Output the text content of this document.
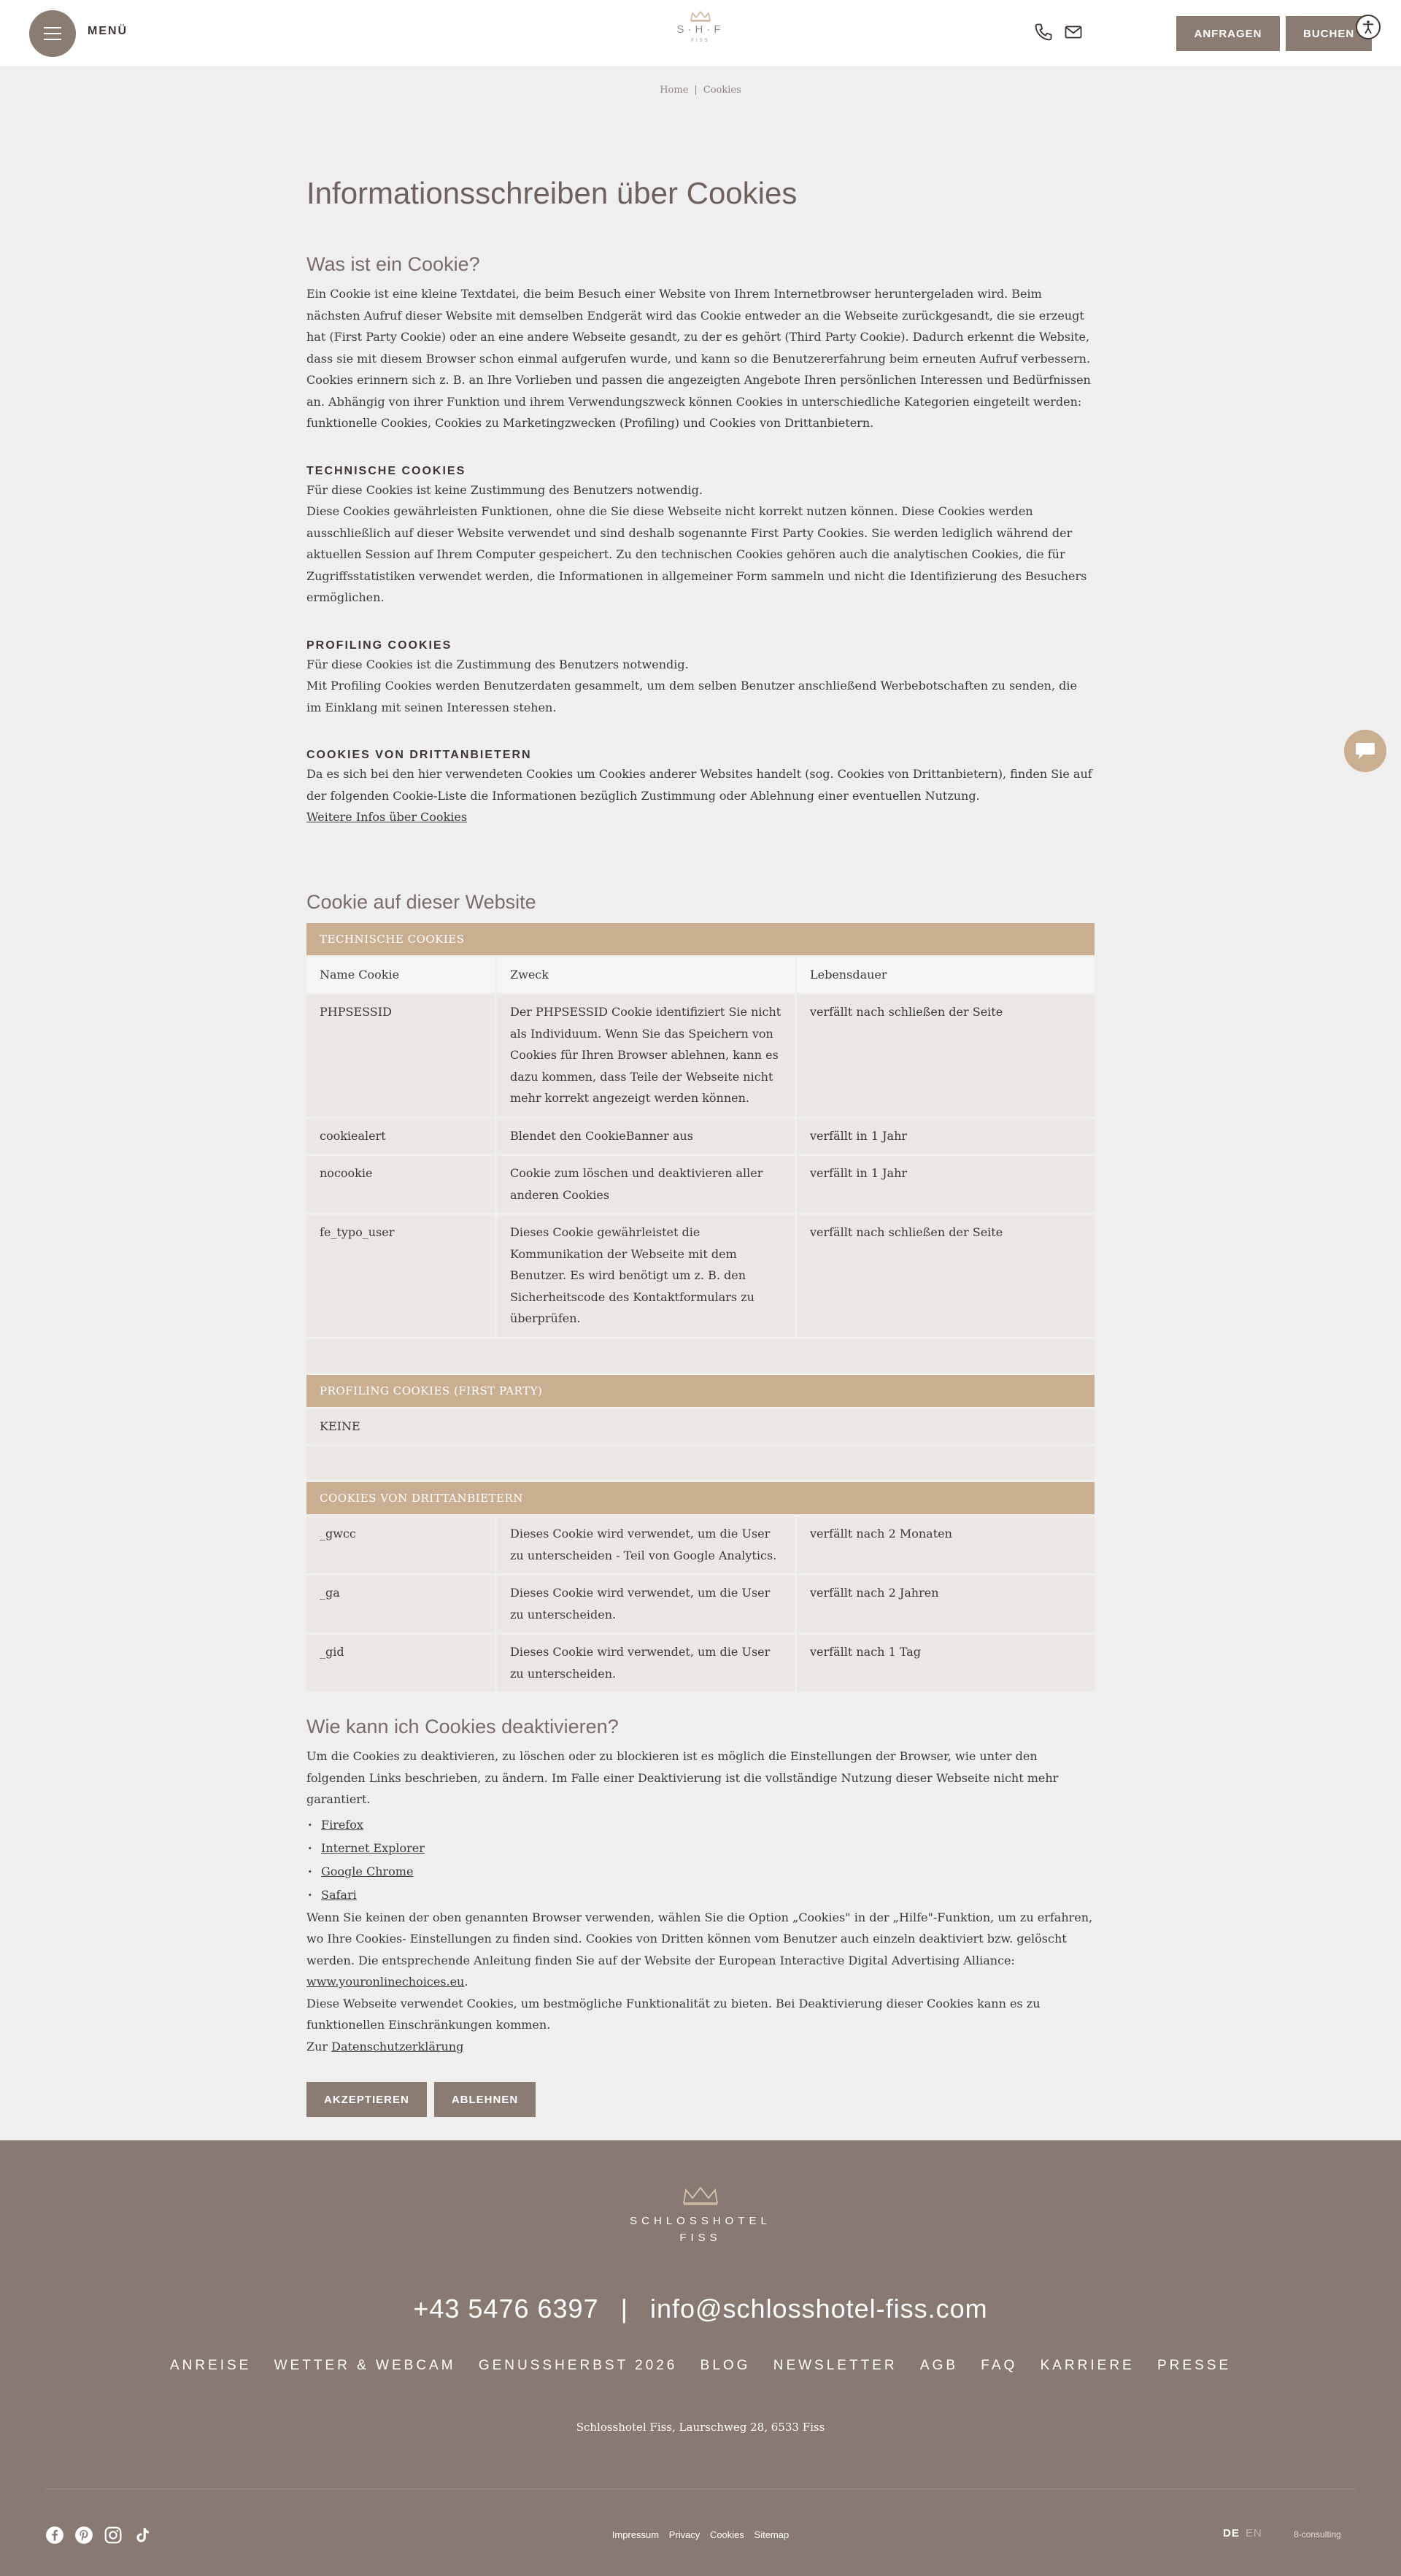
MENÜ	S·H·F
FISS
ANFRAGEN	BUCHEN
Home | Cookies
Informationsschreiben über Cookies
Was ist ein Cookie?

Ein Cookie ist eine kleine Textdatei, die beim Besuch einer Website von Ihrem Internetbrowser heruntergeladen wird. Beim nächsten Aufruf dieser Website mit demselben Endgerät wird das Cookie entweder an die Webseite zurückgesandt, die sie erzeugt hat (First Party Cookie) oder an eine andere Webseite gesandt, zu der es gehört (Third Party Cookie). Dadurch erkennt die Website, dass sie mit diesem Browser schon einmal aufgerufen wurde, und kann so die Benutzererfahrung beim erneuten Aufruf verbessern. Cookies erinnern sich z. B. an Ihre Vorlieben und passen die angezeigten Angebote Ihren persönlichen Interessen und Bedürfnissen an. Abhängig von ihrer Funktion und ihrem Verwendungszweck können Cookies in unterschiedliche Kategorien eingeteilt werden: funktionelle Cookies, Cookies zu Marketingzwecken (Profiling) und Cookies von Drittanbietern.

TECHNISCHE COOKIES

Für diese Cookies ist keine Zustimmung des Benutzers notwendig.

Diese Cookies gewährleisten Funktionen, ohne die Sie diese Webseite nicht korrekt nutzen können. Diese Cookies werden ausschließlich auf dieser Website verwendet und sind deshalb sogenannte First Party Cookies. Sie werden lediglich während der aktuellen Session auf Ihrem Computer gespeichert. Zu den technischen Cookies gehören auch die analytischen Cookies, die für Zugriffsstatistiken verwendet werden, die Informationen in allgemeiner Form sammeln und nicht die Identifizierung des Besuchers ermöglichen.

PROFILING COOKIES

Für diese Cookies ist die Zustimmung des Benutzers notwendig.

Mit Profiling Cookies werden Benutzerdaten gesammelt, um dem selben Benutzer anschließend Werbebotschaften zu senden, die im Einklang mit seinen Interessen stehen.

COOKIES VON DRITTANBIETERN

Da es sich bei den hier verwendeten Cookies um Cookies anderer Websites handelt (sog. Cookies von Drittanbietern), finden Sie auf der folgenden Cookie-Liste die Informationen bezüglich Zustimmung oder Ablehnung einer eventuellen Nutzung.

Weitere Infos über Cookies

Cookie auf dieser Website
TECHNISCHE COOKIES		
Name Cookie	Zweck	Lebensdauer
PHPSESSID	Der PHPSESSID Cookie identifiziert Sie nicht als Individuum. Wenn Sie das Speichern von Cookies für Ihren Browser ablehnen, kann es dazu kommen, dass Teile der Webseite nicht mehr korrekt angezeigt werden können.	verfällt nach schließen der Seite
cookiealert	Blendet den CookieBanner aus	verfällt in 1 Jahr
nocookie	Cookie zum löschen und deaktivieren aller anderen Cookies	verfällt in 1 Jahr
fe_typo_user	Dieses Cookie gewährleistet die Kommunikation der Webseite mit dem Benutzer. Es wird benötigt um z. B. den Sicherheitscode des Kontaktformulars zu überprüfen.	verfällt nach schließen der Seite

PROFILING COOKIES (FIRST PARTY)		
KEINE		

COOKIES VON DRITTANBIETERN		
_gwcc	Dieses Cookie wird verwendet, um die User zu unterscheiden - Teil von Google Analytics.	verfällt nach 2 Monaten
_ga	Dieses Cookie wird verwendet, um die User zu unterscheiden.	verfällt nach 2 Jahren
_gid	Dieses Cookie wird verwendet, um die User zu unterscheiden.	verfällt nach 1 Tag
Wie kann ich Cookies deaktivieren?

Um die Cookies zu deaktivieren, zu löschen oder zu blockieren ist es möglich die Einstellungen der Browser, wie unter den folgenden Links beschrieben, zu ändern. Im Falle einer Deaktivierung ist die vollständige Nutzung dieser Webseite nicht mehr garantiert.

· Firefox
· Internet Explorer
· Google Chrome
· Safari

Wenn Sie keinen der oben genannten Browser verwenden, wählen Sie die Option „Cookies" in der „Hilfe"-Funktion, um zu erfahren, wo Ihre Cookies- Einstellungen zu finden sind. Cookies von Dritten können vom Benutzer auch einzeln deaktiviert bzw. gelöscht werden. Die entsprechende Anleitung finden Sie auf der Website der European Interactive Digital Advertising Alliance: www.youronlinechoices.eu.

Diese Webseite verwendet Cookies, um bestmögliche Funktionalität zu bieten. Bei Deaktivierung dieser Cookies kann es zu funktionellen Einschränkungen kommen.

Zur Datenschutzerklärung

AKZEPTIEREN	ABLEHNEN
SCHLOSSHOTEL
FISS
+43 5476 6397 | info@schlosshotel-fiss.com
ANREISE WETTER & WEBCAM GENUSSHERBST 2026 BLOG NEWSLETTER AGB FAQ KARRIERE PRESSE
Schlosshotel Fiss, Laurschweg 28, 6533 Fiss
Impressum Privacy Cookies Sitemap	DE EN	8-consulting
